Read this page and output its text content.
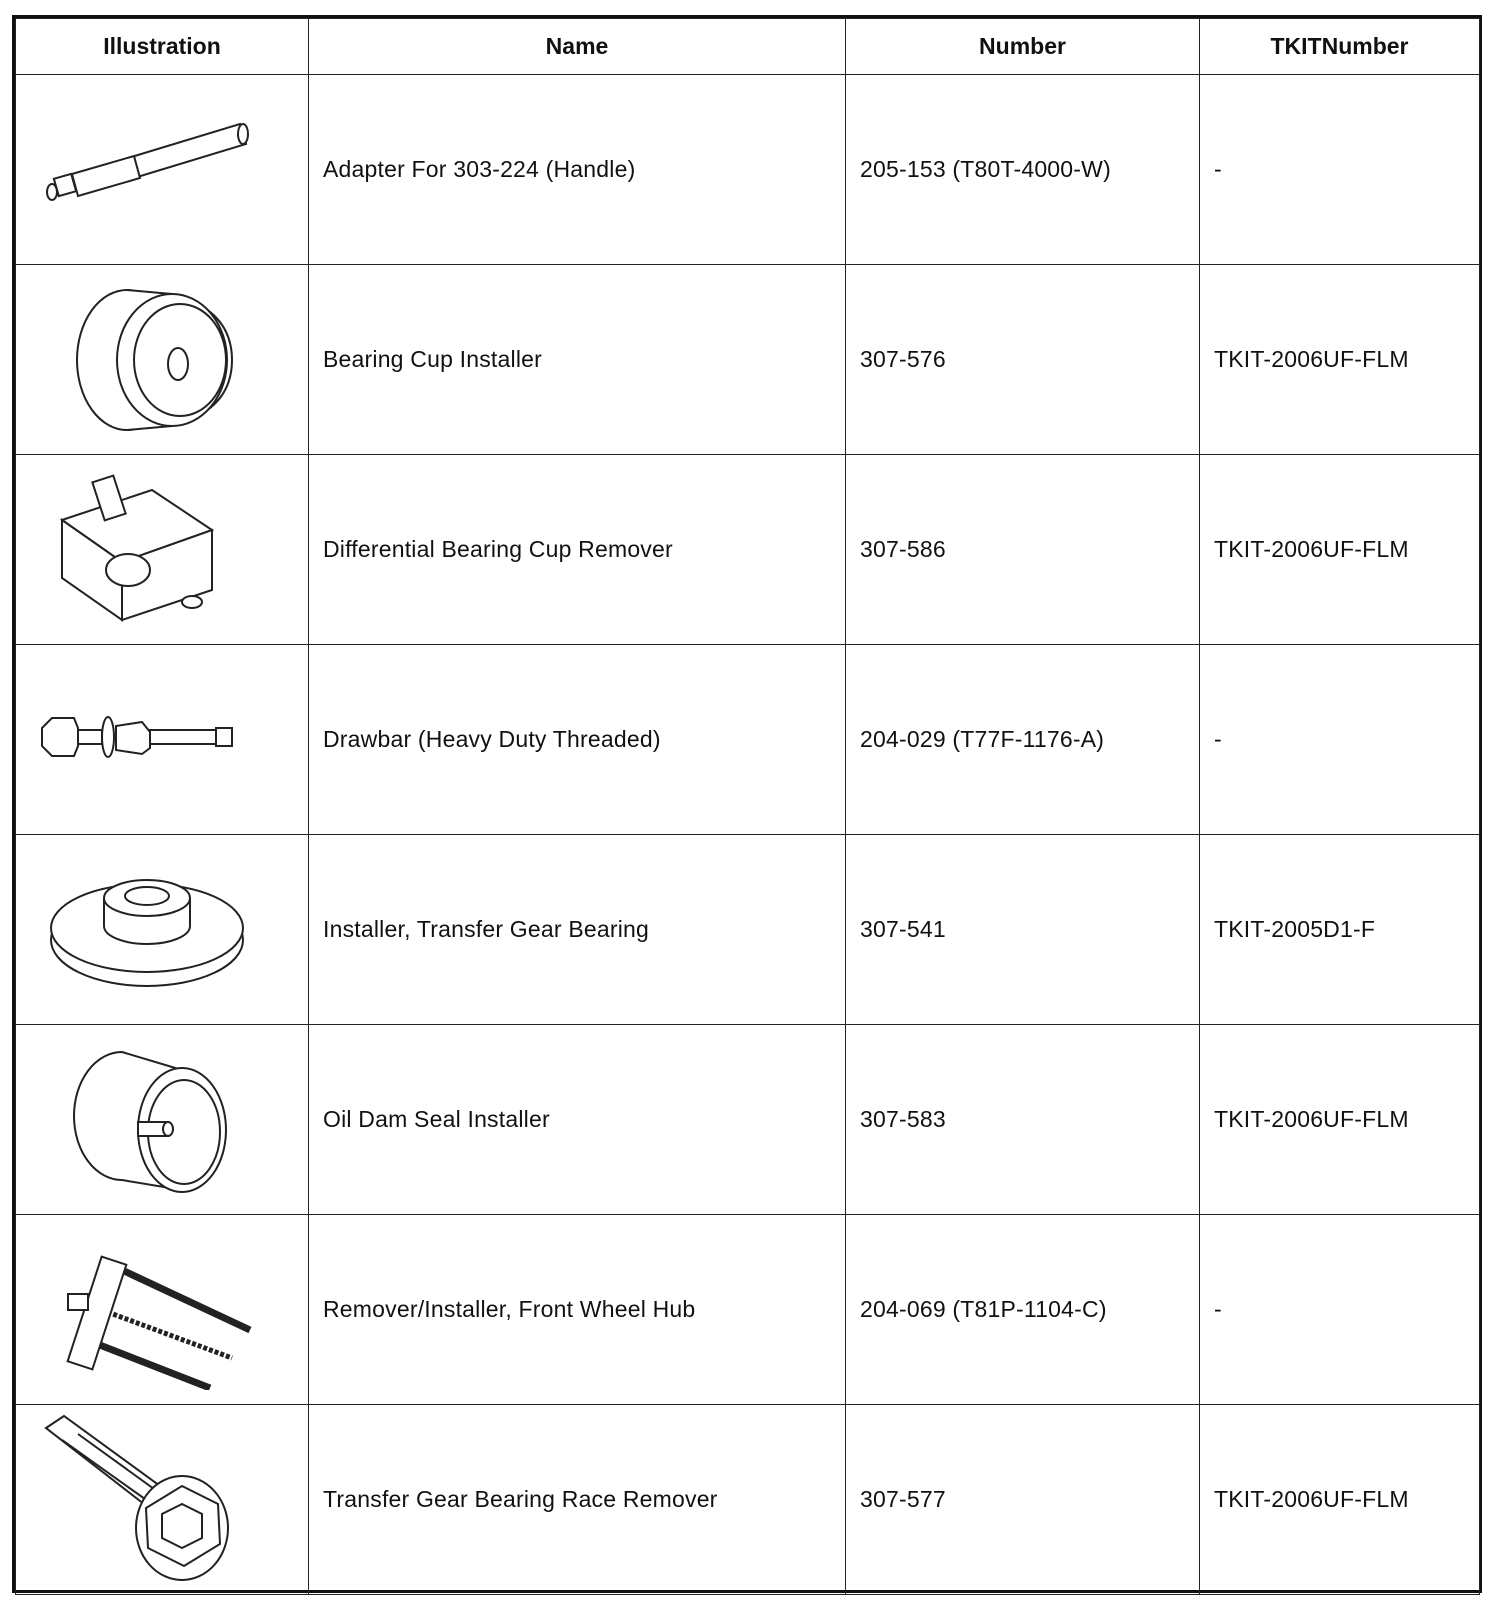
Illustration	Name	Number	TKITNumber

	Adapter For 303-224 (Handle)	205-153 (T80T-4000-W)	-

	Bearing Cup Installer	307-576	TKIT-2006UF-FLM

	Differential Bearing Cup Remover	307-586	TKIT-2006UF-FLM

	Drawbar (Heavy Duty Threaded)	204-029 (T77F-1176-A)	-

	Installer, Transfer Gear Bearing	307-541	TKIT-2005D1-F

	Oil Dam Seal Installer	307-583	TKIT-2006UF-FLM

	Remover/Installer, Front Wheel Hub	204-069 (T81P-1104-C)	-

	Transfer Gear Bearing Race Remover	307-577	TKIT-2006UF-FLM
